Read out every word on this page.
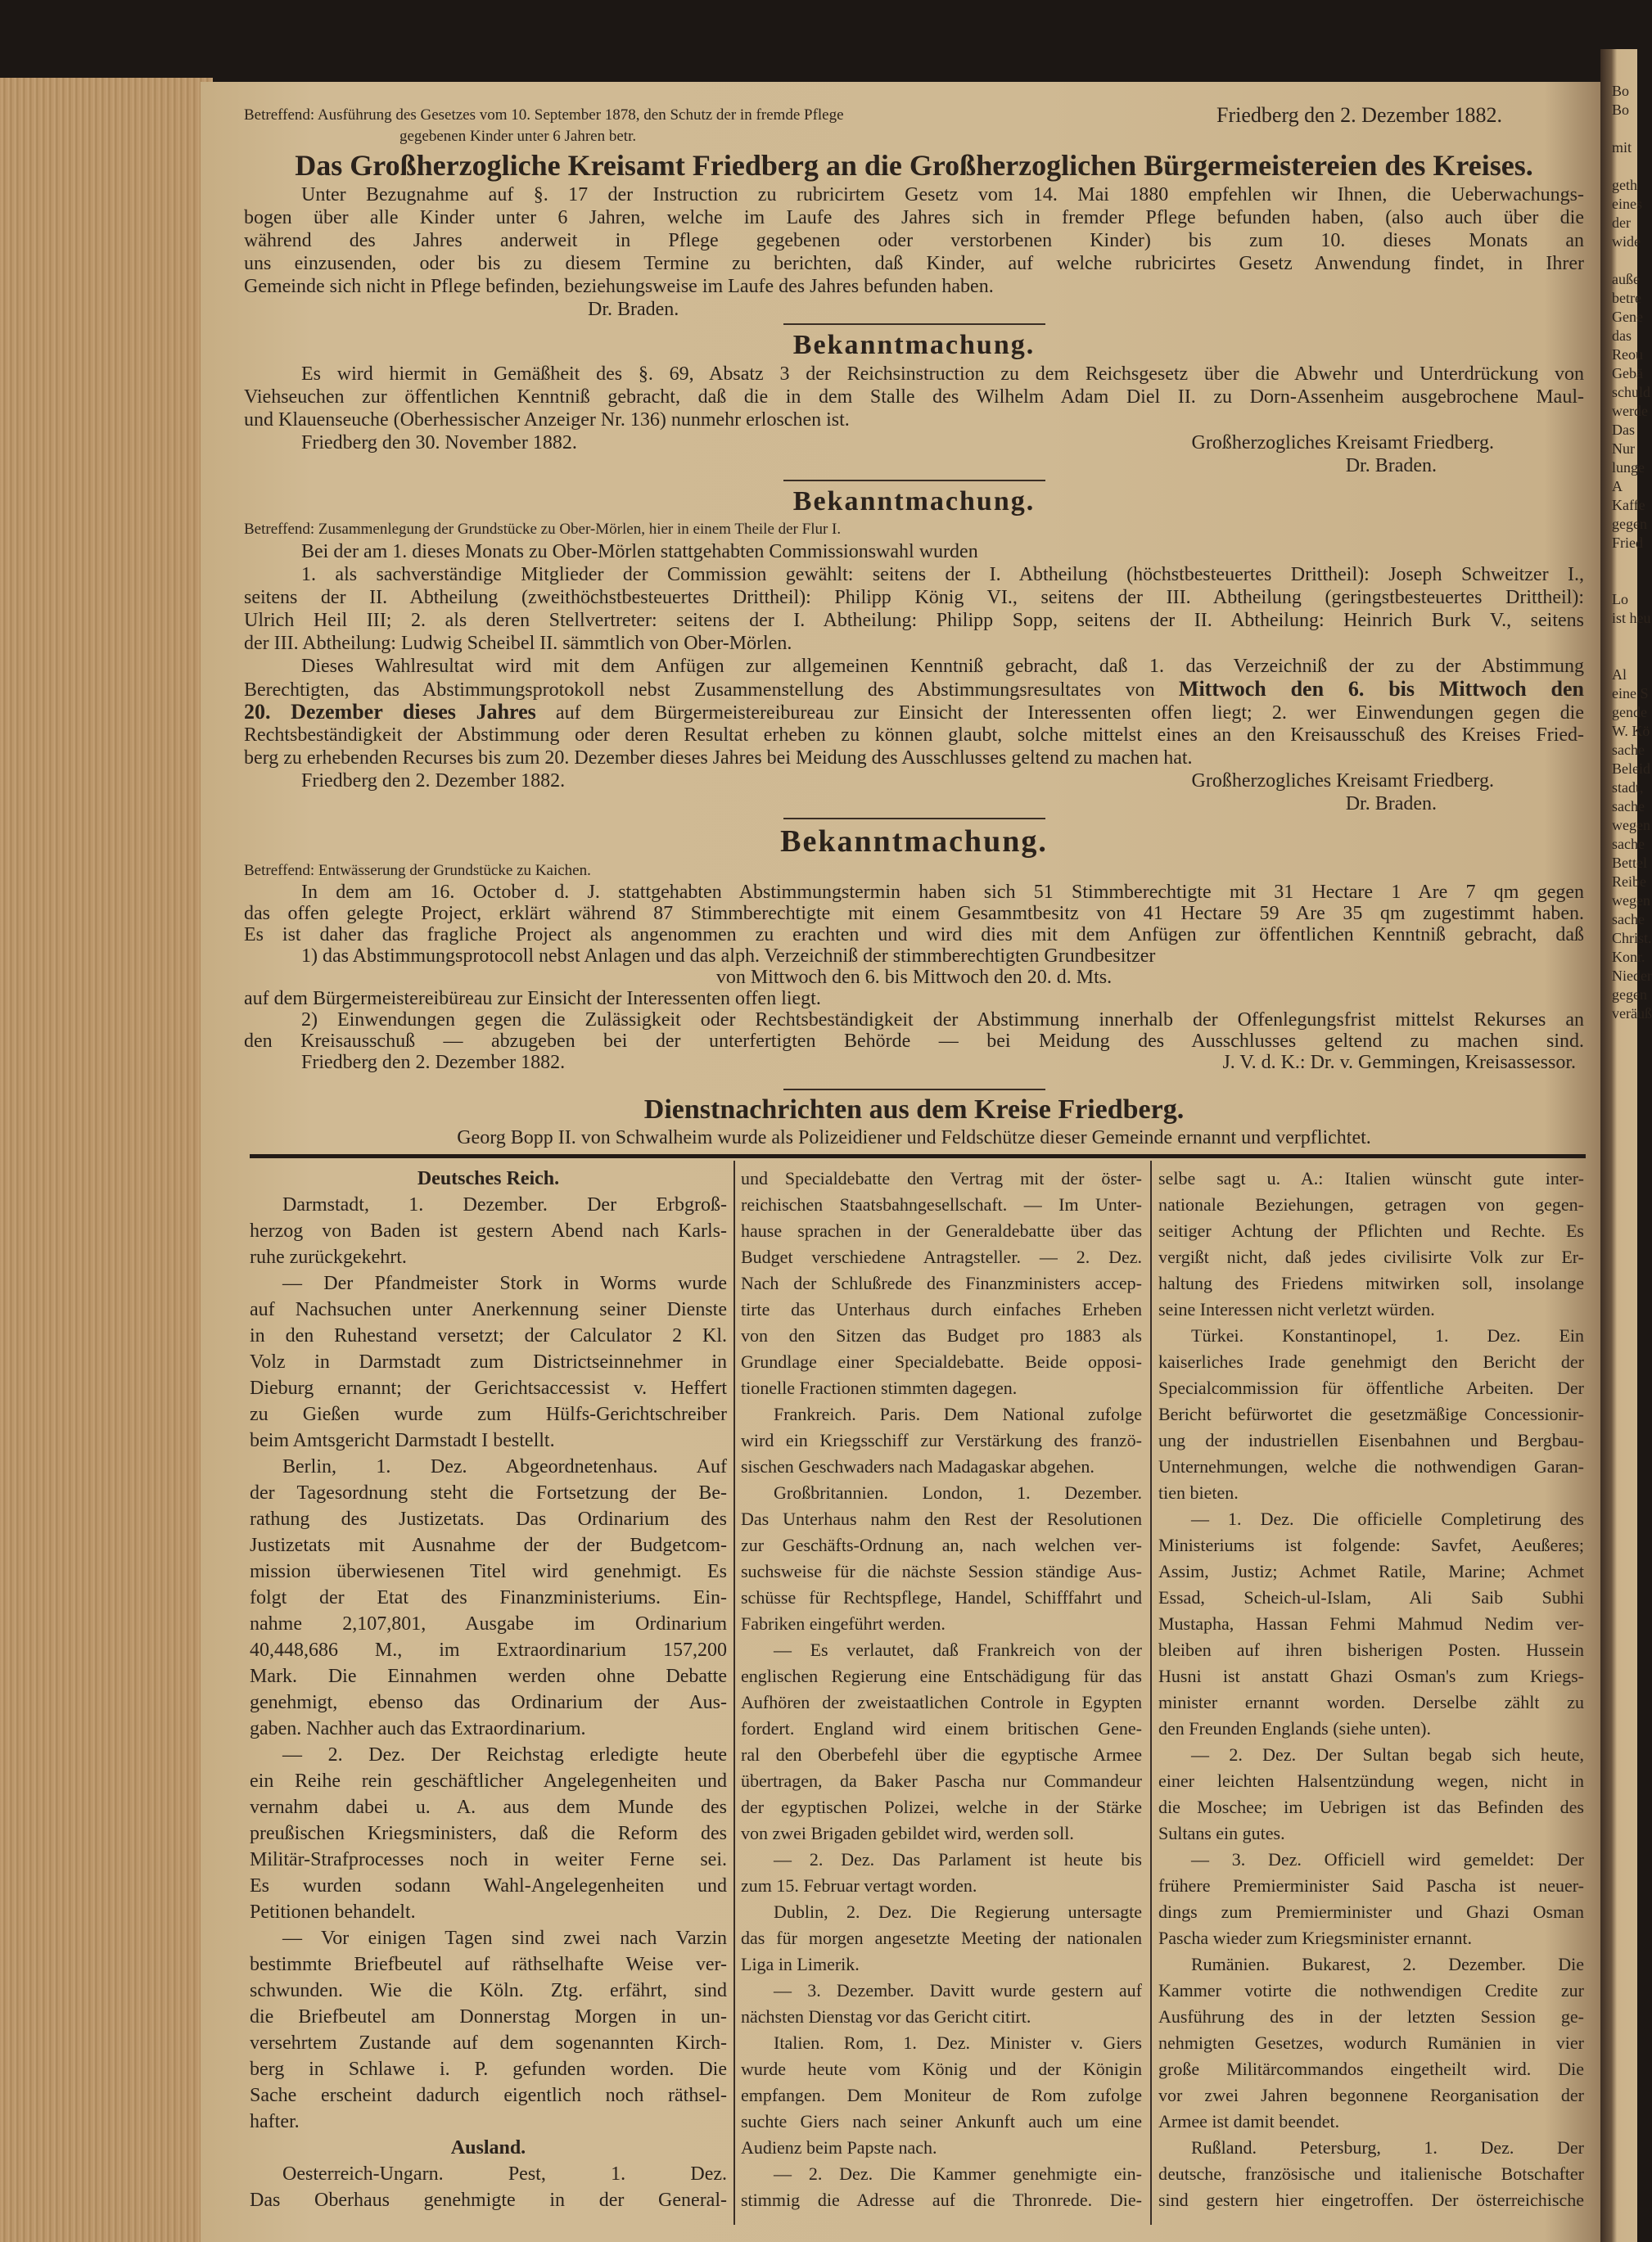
Bo
Bo
mit
geth
eines
der
wide
auße
betre
Gene
das
Reou
Gebä
schuld
werde
Das
Nur
lunge
A
Kaffe
gegen
Fried
Lo
ist heu
Al
eine S
gende
W. Kö
sache
Beleid
stadt,
sache
wegen
sache
Bettel
Reibe
wegen
sache
Christ.
Konr.
Nieder
gegen
veräuß
Betreffend: Ausführung des Gesetzes vom 10. September 1878, den Schutz der in fremde Pflege	Friedberg den 2. Dezember 1882.
gegebenen Kinder unter 6 Jahren betr.
Das Großherzogliche Kreisamt Friedberg an die Großherzoglichen Bürgermeistereien des Kreises.
Unter Bezugnahme auf §. 17 der Instruction zu rubricirtem Gesetz vom 14. Mai 1880 empfehlen wir Ihnen, die Ueberwachungs-
bogen über alle Kinder unter 6 Jahren, welche im Laufe des Jahres sich in fremder Pflege befunden haben, (also auch über die
während des Jahres anderweit in Pflege gegebenen oder verstorbenen Kinder) bis zum 10. dieses Monats an
uns einzusenden, oder bis zu diesem Termine zu berichten, daß Kinder, auf welche rubricirtes Gesetz Anwendung findet, in Ihrer
Gemeinde sich nicht in Pflege befinden, beziehungsweise im Laufe des Jahres befunden haben.
Dr. Braden.
Bekanntmachung.
Es wird hiermit in Gemäßheit des §. 69, Absatz 3 der Reichsinstruction zu dem Reichsgesetz über die Abwehr und Unterdrückung von
Viehseuchen zur öffentlichen Kenntniß gebracht, daß die in dem Stalle des Wilhelm Adam Diel II. zu Dorn-Assenheim ausgebrochene Maul-
und Klauenseuche (Oberhessischer Anzeiger Nr. 136) nunmehr erloschen ist.
Friedberg den 30. November 1882.	Großherzogliches Kreisamt Friedberg.
Dr. Braden.
Bekanntmachung.
Betreffend: Zusammenlegung der Grundstücke zu Ober-Mörlen, hier in einem Theile der Flur I.
Bei der am 1. dieses Monats zu Ober-Mörlen stattgehabten Commissionswahl wurden
1. als sachverständige Mitglieder der Commission gewählt: seitens der I. Abtheilung (höchstbesteuertes Drittheil): Joseph Schweitzer I.,
seitens der II. Abtheilung (zweithöchstbesteuertes Drittheil): Philipp König VI., seitens der III. Abtheilung (geringstbesteuertes Drittheil):
Ulrich Heil III; 2. als deren Stellvertreter: seitens der I. Abtheilung: Philipp Sopp, seitens der II. Abtheilung: Heinrich Burk V., seitens
der III. Abtheilung: Ludwig Scheibel II. sämmtlich von Ober-Mörlen.
Dieses Wahlresultat wird mit dem Anfügen zur allgemeinen Kenntniß gebracht, daß 1. das Verzeichniß der zu der Abstimmung
Berechtigten, das Abstimmungsprotokoll nebst Zusammenstellung des Abstimmungsresultates von Mittwoch den 6. bis Mittwoch den
20. Dezember dieses Jahres auf dem Bürgermeistereibureau zur Einsicht der Interessenten offen liegt; 2. wer Einwendungen gegen die
Rechtsbeständigkeit der Abstimmung oder deren Resultat erheben zu können glaubt, solche mittelst eines an den Kreisausschuß des Kreises Fried-
berg zu erhebenden Recurses bis zum 20. Dezember dieses Jahres bei Meidung des Ausschlusses geltend zu machen hat.
Friedberg den 2. Dezember 1882.	Großherzogliches Kreisamt Friedberg.
Dr. Braden.
Bekanntmachung.
Betreffend: Entwässerung der Grundstücke zu Kaichen.
In dem am 16. October d. J. stattgehabten Abstimmungstermin haben sich 51 Stimmberechtigte mit 31 Hectare 1 Are 7 qm gegen
das offen gelegte Project, erklärt während 87 Stimmberechtigte mit einem Gesammtbesitz von 41 Hectare 59 Are 35 qm zugestimmt haben.
Es ist daher das fragliche Project als angenommen zu erachten und wird dies mit dem Anfügen zur öffentlichen Kenntniß gebracht, daß
1) das Abstimmungsprotocoll nebst Anlagen und das alph. Verzeichniß der stimmberechtigten Grundbesitzer
von Mittwoch den 6. bis Mittwoch den 20. d. Mts.
auf dem Bürgermeistereibüreau zur Einsicht der Interessenten offen liegt.
2) Einwendungen gegen die Zulässigkeit oder Rechtsbeständigkeit der Abstimmung innerhalb der Offenlegungsfrist mittelst Rekurses an
den Kreisausschuß — abzugeben bei der unterfertigten Behörde — bei Meidung des Ausschlusses geltend zu machen sind.
Friedberg den 2. Dezember 1882.	J. V. d. K.: Dr. v. Gemmingen, Kreisassessor.
Dienstnachrichten aus dem Kreise Friedberg.
Georg Bopp II. von Schwalheim wurde als Polizeidiener und Feldschütze dieser Gemeinde ernannt und verpflichtet.
Deutsches Reich.
Darmstadt, 1. Dezember. Der Erbgroß-
herzog von Baden ist gestern Abend nach Karls-
ruhe zurückgekehrt.
— Der Pfandmeister Stork in Worms wurde
auf Nachsuchen unter Anerkennung seiner Dienste
in den Ruhestand versetzt; der Calculator 2 Kl.
Volz in Darmstadt zum Districtseinnehmer in
Dieburg ernannt; der Gerichtsaccessist v. Heffert
zu Gießen wurde zum Hülfs-Gerichtschreiber
beim Amtsgericht Darmstadt I bestellt.
Berlin, 1. Dez. Abgeordnetenhaus. Auf
der Tagesordnung steht die Fortsetzung der Be-
rathung des Justizetats. Das Ordinarium des
Justizetats mit Ausnahme der der Budgetcom-
mission überwiesenen Titel wird genehmigt. Es
folgt der Etat des Finanzministeriums. Ein-
nahme 2,107,801, Ausgabe im Ordinarium
40,448,686 M., im Extraordinarium 157,200
Mark. Die Einnahmen werden ohne Debatte
genehmigt, ebenso das Ordinarium der Aus-
gaben. Nachher auch das Extraordinarium.
— 2. Dez. Der Reichstag erledigte heute
ein Reihe rein geschäftlicher Angelegenheiten und
vernahm dabei u. A. aus dem Munde des
preußischen Kriegsministers, daß die Reform des
Militär-Strafprocesses noch in weiter Ferne sei.
Es wurden sodann Wahl-Angelegenheiten und
Petitionen behandelt.
— Vor einigen Tagen sind zwei nach Varzin
bestimmte Briefbeutel auf räthselhafte Weise ver-
schwunden. Wie die Köln. Ztg. erfährt, sind
die Briefbeutel am Donnerstag Morgen in un-
versehrtem Zustande auf dem sogenannten Kirch-
berg in Schlawe i. P. gefunden worden. Die
Sache erscheint dadurch eigentlich noch räthsel-
hafter.
Ausland.
Oesterreich-Ungarn. Pest, 1. Dez.
Das Oberhaus genehmigte in der General-
und Specialdebatte den Vertrag mit der öster-
reichischen Staatsbahngesellschaft. — Im Unter-
hause sprachen in der Generaldebatte über das
Budget verschiedene Antragsteller. — 2. Dez.
Nach der Schlußrede des Finanzministers accep-
tirte das Unterhaus durch einfaches Erheben
von den Sitzen das Budget pro 1883 als
Grundlage einer Specialdebatte. Beide opposi-
tionelle Fractionen stimmten dagegen.
Frankreich. Paris. Dem National zufolge
wird ein Kriegsschiff zur Verstärkung des franzö-
sischen Geschwaders nach Madagaskar abgehen.
Großbritannien. London, 1. Dezember.
Das Unterhaus nahm den Rest der Resolutionen
zur Geschäfts-Ordnung an, nach welchen ver-
suchsweise für die nächste Session ständige Aus-
schüsse für Rechtspflege, Handel, Schifffahrt und
Fabriken eingeführt werden.
— Es verlautet, daß Frankreich von der
englischen Regierung eine Entschädigung für das
Aufhören der zweistaatlichen Controle in Egypten
fordert. England wird einem britischen Gene-
ral den Oberbefehl über die egyptische Armee
übertragen, da Baker Pascha nur Commandeur
der egyptischen Polizei, welche in der Stärke
von zwei Brigaden gebildet wird, werden soll.
— 2. Dez. Das Parlament ist heute bis
zum 15. Februar vertagt worden.
Dublin, 2. Dez. Die Regierung untersagte
das für morgen angesetzte Meeting der nationalen
Liga in Limerik.
— 3. Dezember. Davitt wurde gestern auf
nächsten Dienstag vor das Gericht citirt.
Italien. Rom, 1. Dez. Minister v. Giers
wurde heute vom König und der Königin
empfangen. Dem Moniteur de Rom zufolge
suchte Giers nach seiner Ankunft auch um eine
Audienz beim Papste nach.
— 2. Dez. Die Kammer genehmigte ein-
stimmig die Adresse auf die Thronrede. Die-
selbe sagt u. A.: Italien wünscht gute inter-
nationale Beziehungen, getragen von gegen-
seitiger Achtung der Pflichten und Rechte. Es
vergißt nicht, daß jedes civilisirte Volk zur Er-
haltung des Friedens mitwirken soll, insolange
seine Interessen nicht verletzt würden.
Türkei. Konstantinopel, 1. Dez. Ein
kaiserliches Irade genehmigt den Bericht der
Specialcommission für öffentliche Arbeiten. Der
Bericht befürwortet die gesetzmäßige Concessionir-
ung der industriellen Eisenbahnen und Bergbau-
Unternehmungen, welche die nothwendigen Garan-
tien bieten.
— 1. Dez. Die officielle Completirung des
Ministeriums ist folgende: Savfet, Aeußeres;
Assim, Justiz; Achmet Ratile, Marine; Achmet
Essad, Scheich-ul-Islam, Ali Saib Subhi
Mustapha, Hassan Fehmi Mahmud Nedim ver-
bleiben auf ihren bisherigen Posten. Hussein
Husni ist anstatt Ghazi Osman's zum Kriegs-
minister ernannt worden. Derselbe zählt zu
den Freunden Englands (siehe unten).
— 2. Dez. Der Sultan begab sich heute,
einer leichten Halsentzündung wegen, nicht in
die Moschee; im Uebrigen ist das Befinden des
Sultans ein gutes.
— 3. Dez. Officiell wird gemeldet: Der
frühere Premierminister Said Pascha ist neuer-
dings zum Premierminister und Ghazi Osman
Pascha wieder zum Kriegsminister ernannt.
Rumänien. Bukarest, 2. Dezember. Die
Kammer votirte die nothwendigen Credite zur
Ausführung des in der letzten Session ge-
nehmigten Gesetzes, wodurch Rumänien in vier
große Militärcommandos eingetheilt wird. Die
vor zwei Jahren begonnene Reorganisation der
Armee ist damit beendet.
Rußland. Petersburg, 1. Dez. Der
deutsche, französische und italienische Botschafter
sind gestern hier eingetroffen. Der österreichische
